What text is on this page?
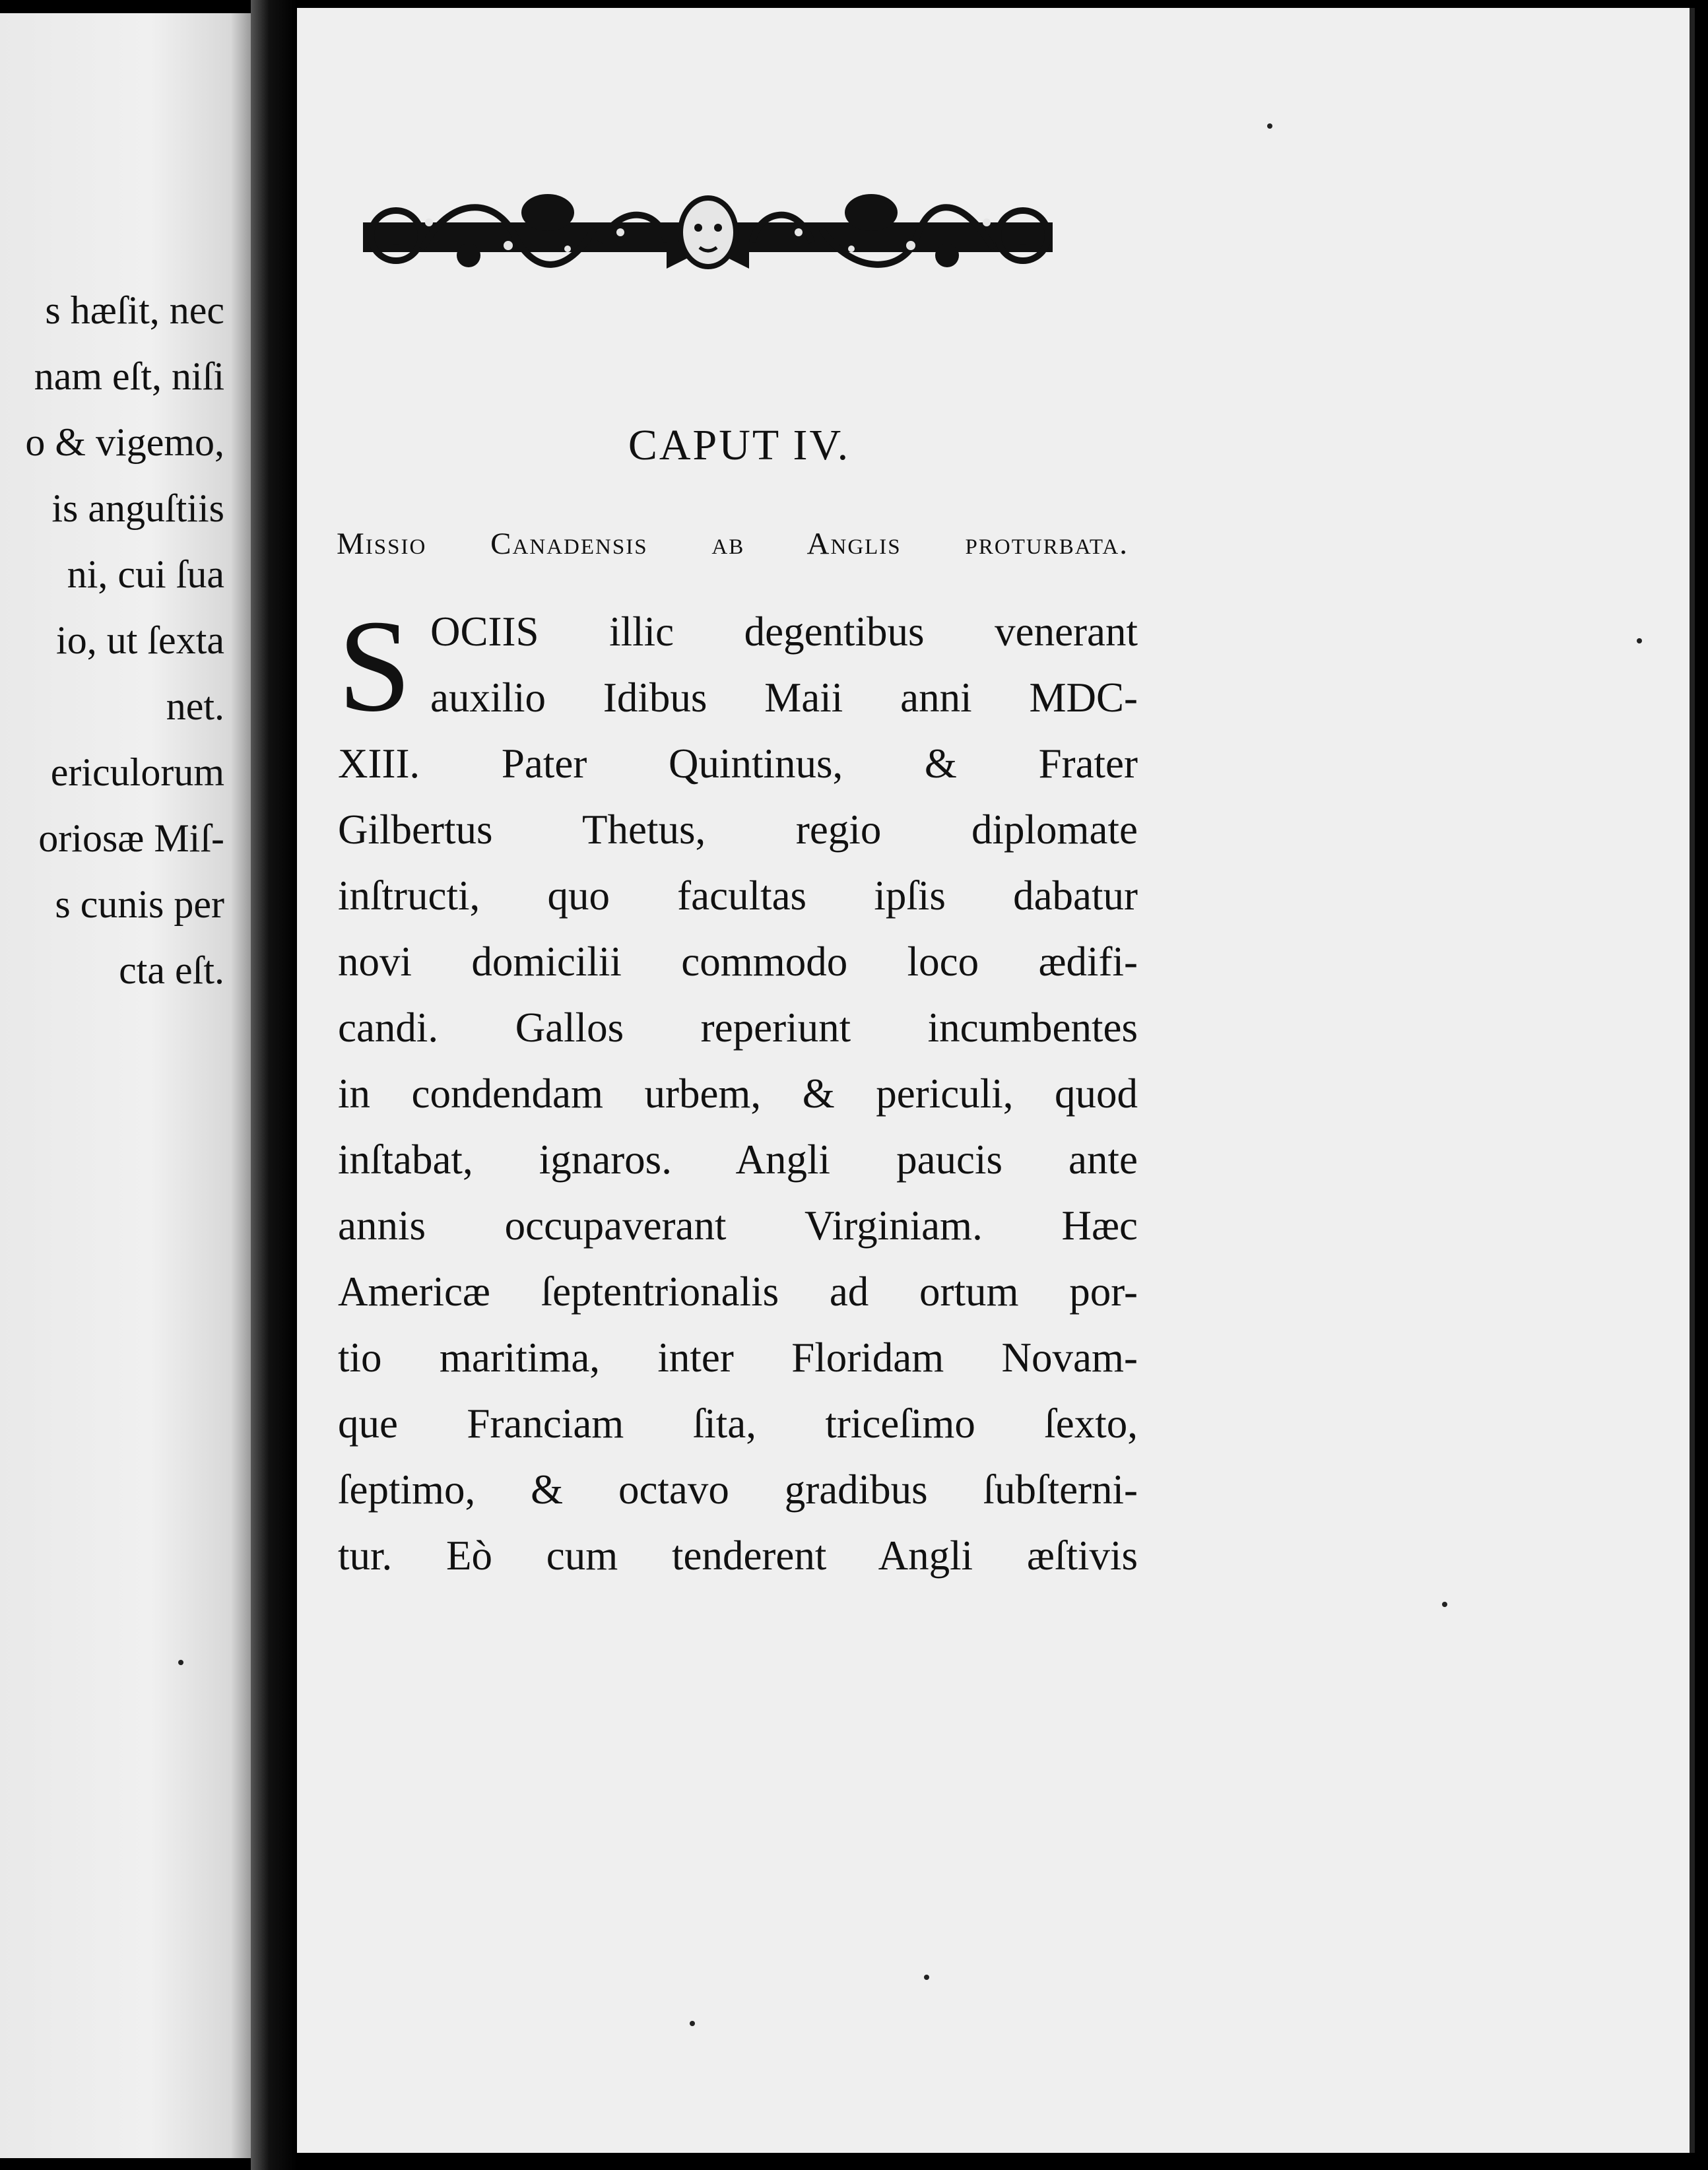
s hæſit, nec
nam eſt, niſi
o & vigemo,
is anguſtiis
ni, cui ſua
io, ut ſexta
net.
ericulorum
oriosæ Miſ-
s cunis per
cta eſt.
CAPUT IV.
Missio Canadensis ab Anglis proturbata.
S OCIIS illic degentibus venerant
auxilio Idibus Maii anni MDC-
XIII. Pater Quintinus, & Frater
Gilbertus Thetus, regio diplomate
inſtructi, quo facultas ipſis dabatur
novi domicilii commodo loco ædifi-
candi. Gallos reperiunt incumbentes
in condendam urbem, & periculi, quod
inſtabat, ignaros. Angli paucis ante
annis occupaverant Virginiam. Hæc
Americæ ſeptentrionalis ad ortum por-
tio maritima, inter Floridam Novam-
que Franciam ſita, triceſimo ſexto,
ſeptimo, & octavo gradibus ſubſterni-
tur. Eò cum tenderent Angli æſtivis
